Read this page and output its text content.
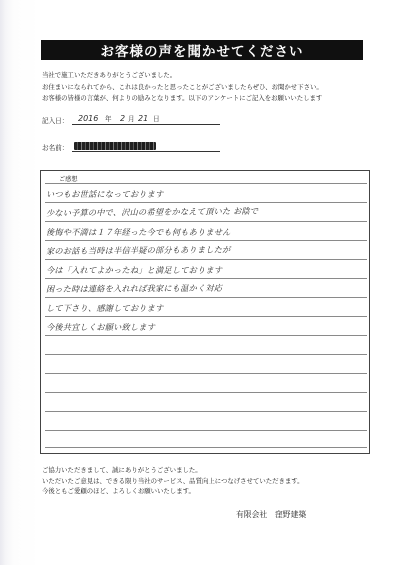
お客様の声を聞かせてください
当社で施工いただきありがとうございました。
お住まいになられてから、これは良かったと思ったことがございましたらぜひ、お聞かせ下さい。
お客様の皆様の言葉が、何よりの励みとなります。以下のアンケートにご記入をお願いいたします
記入日：	2016 年 2 月 21 日
お名前：
ご感想
いつもお世話になっております
少ない予算の中で、沢山の希望をかなえて頂いた お陰で
後悔や不満は１７年経った今でも何もありません
家のお話も当時は半信半疑の部分もありましたが
今は「入れてよかったね」と満足しております
困った時は連絡を入れれば我家にも温かく対応
して下さり、感謝しております
今後共宜しくお願い致します
ご協力いただきまして、誠にありがとうございました。
いただいたご意見は、できる限り当社のサービス、品質向上につなげさせていただきます。
今後ともご愛顧のほど、よろしくお願いいたします。
有限会社　窪野建築
